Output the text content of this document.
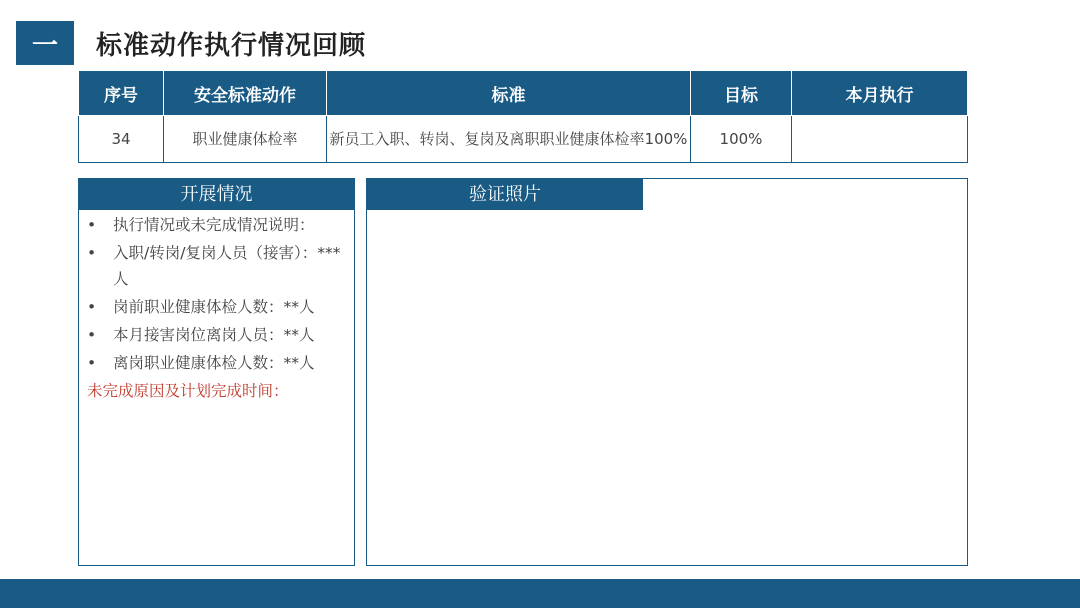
一	标准动作执行情况回顾
序号	安全标准动作	标准	目标	本月执行
34	职业健康体检率	新员工入职、转岗、复岗及离职职业健康体检率100%	100%	
开展情况
• 执行情况或未完成情况说明：
• 入职/转岗/复岗人员（接害）：***人
• 岗前职业健康体检人数：**人
• 本月接害岗位离岗人员：**人
• 离岗职业健康体检人数：**人
未完成原因及计划完成时间：
验证照片
